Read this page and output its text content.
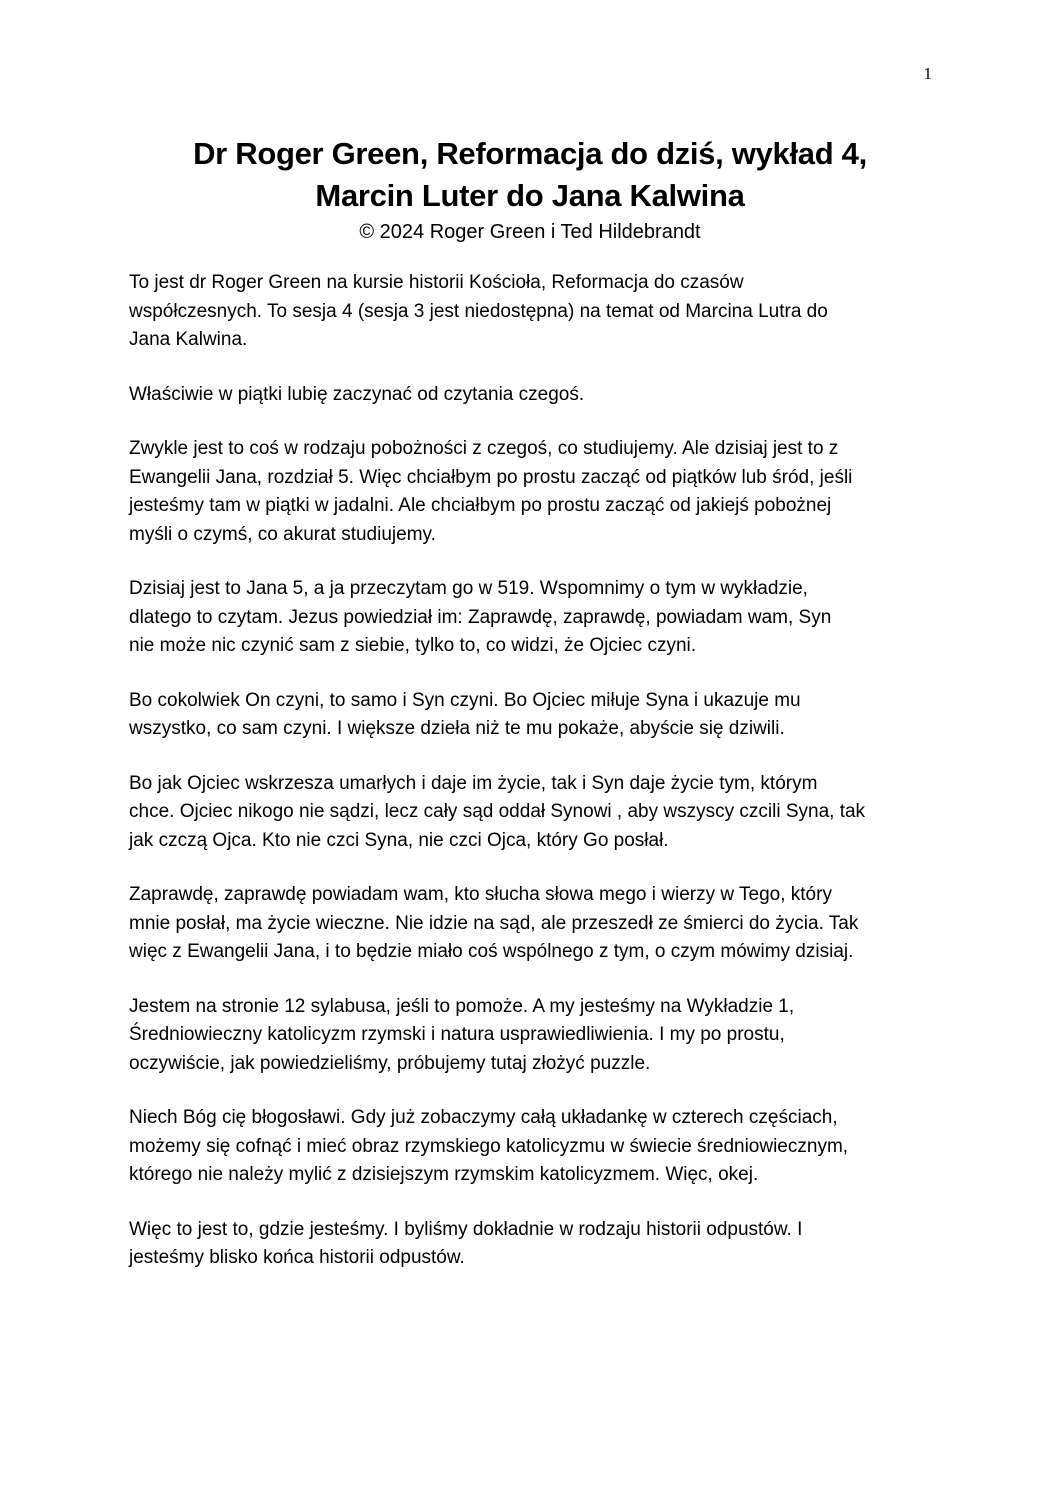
1
Dr Roger Green, Reformacja do dziś, wykład 4,
Marcin Luter do Jana Kalwina
© 2024 Roger Green i Ted Hildebrandt

To jest dr Roger Green na kursie historii Kościoła, Reformacja do czasów
współczesnych. To sesja 4 (sesja 3 jest niedostępna) na temat od Marcina Lutra do
Jana Kalwina.

Właściwie w piątki lubię zaczynać od czytania czegoś.

Zwykle jest to coś w rodzaju pobożności z czegoś, co studiujemy. Ale dzisiaj jest to z
Ewangelii Jana, rozdział 5. Więc chciałbym po prostu zacząć od piątków lub śród, jeśli
jesteśmy tam w piątki w jadalni. Ale chciałbym po prostu zacząć od jakiejś pobożnej
myśli o czymś, co akurat studiujemy.

Dzisiaj jest to Jana 5, a ja przeczytam go w 519. Wspomnimy o tym w wykładzie,
dlatego to czytam. Jezus powiedział im: Zaprawdę, zaprawdę, powiadam wam, Syn
nie może nic czynić sam z siebie, tylko to, co widzi, że Ojciec czyni.

Bo cokolwiek On czyni, to samo i Syn czyni. Bo Ojciec miłuje Syna i ukazuje mu
wszystko, co sam czyni. I większe dzieła niż te mu pokaże, abyście się dziwili.

Bo jak Ojciec wskrzesza umarłych i daje im życie, tak i Syn daje życie tym, którym
chce. Ojciec nikogo nie sądzi, lecz cały sąd oddał Synowi , aby wszyscy czcili Syna, tak
jak czczą Ojca. Kto nie czci Syna, nie czci Ojca, który Go posłał.

Zaprawdę, zaprawdę powiadam wam, kto słucha słowa mego i wierzy w Tego, który
mnie posłał, ma życie wieczne. Nie idzie na sąd, ale przeszedł ze śmierci do życia. Tak
więc z Ewangelii Jana, i to będzie miało coś wspólnego z tym, o czym mówimy dzisiaj.

Jestem na stronie 12 sylabusa, jeśli to pomoże. A my jesteśmy na Wykładzie 1,
Średniowieczny katolicyzm rzymski i natura usprawiedliwienia. I my po prostu,
oczywiście, jak powiedzieliśmy, próbujemy tutaj złożyć puzzle.

Niech Bóg cię błogosławi. Gdy już zobaczymy całą układankę w czterech częściach,
możemy się cofnąć i mieć obraz rzymskiego katolicyzmu w świecie średniowiecznym,
którego nie należy mylić z dzisiejszym rzymskim katolicyzmem. Więc, okej.

Więc to jest to, gdzie jesteśmy. I byliśmy dokładnie w rodzaju historii odpustów. I
jesteśmy blisko końca historii odpustów.
